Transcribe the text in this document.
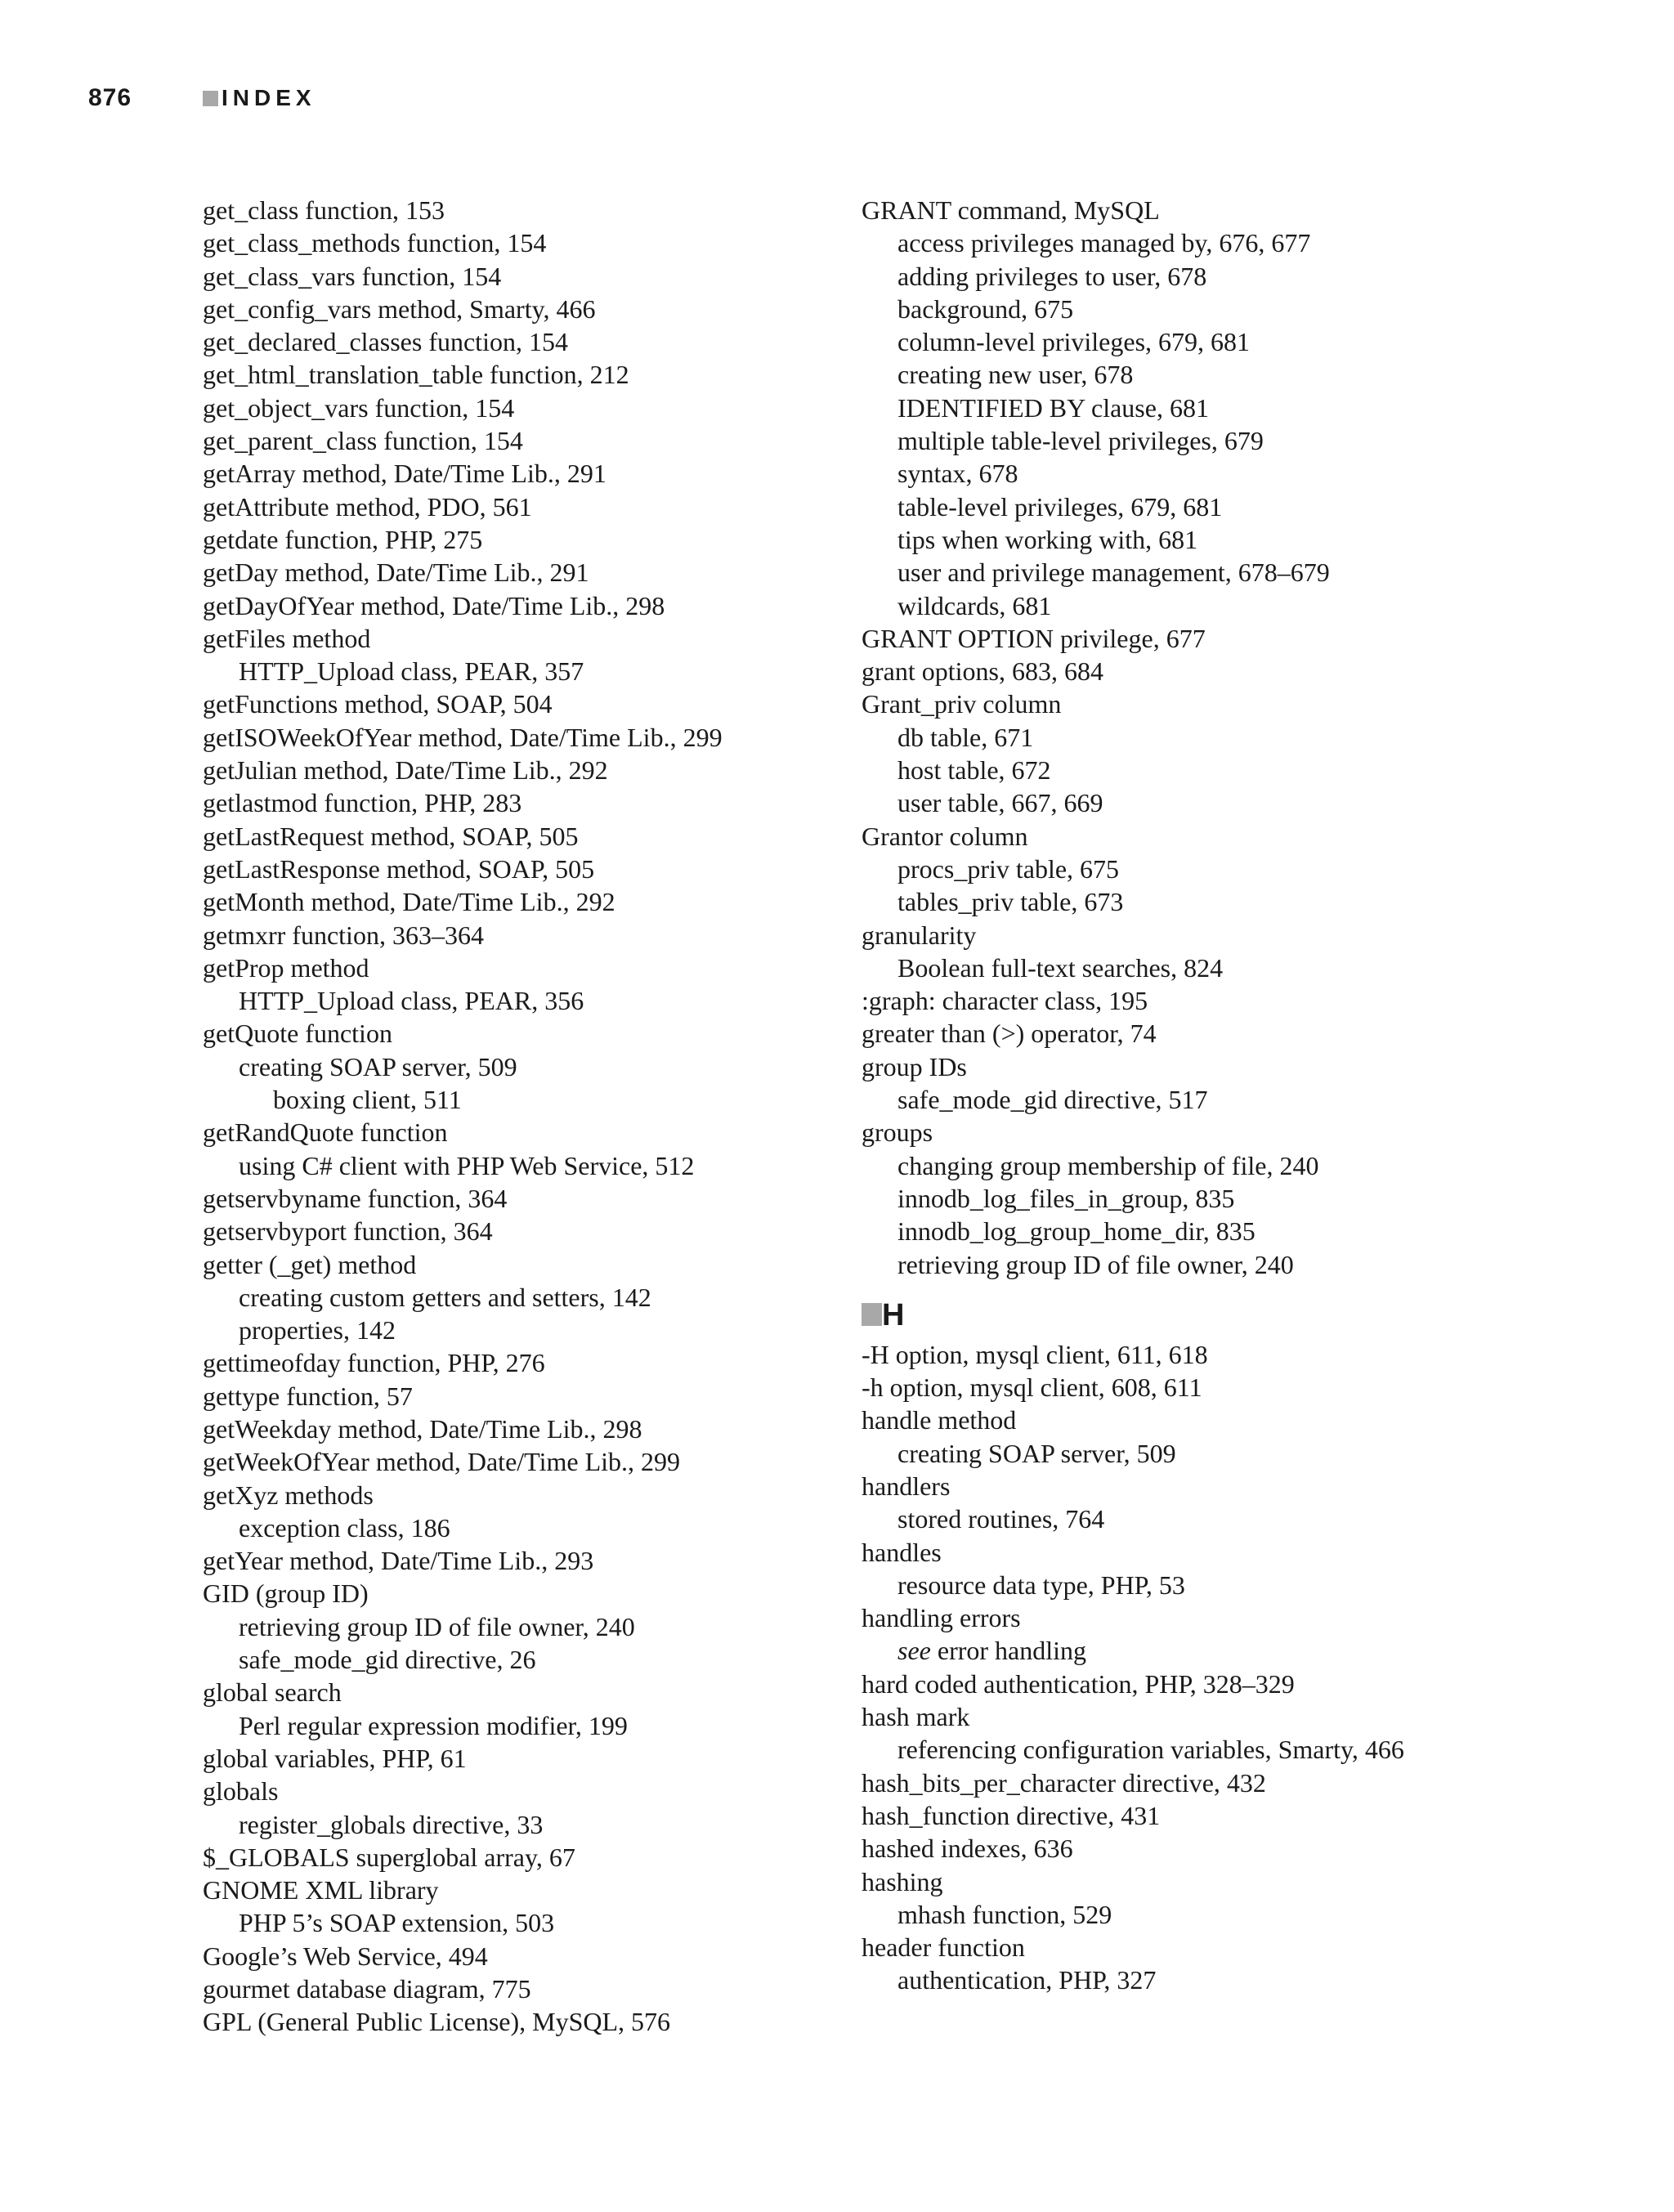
876	INDEX
get_class function, 153
get_class_methods function, 154
get_class_vars function, 154
get_config_vars method, Smarty, 466
get_declared_classes function, 154
get_html_translation_table function, 212
get_object_vars function, 154
get_parent_class function, 154
getArray method, Date/Time Lib., 291
getAttribute method, PDO, 561
getdate function, PHP, 275
getDay method, Date/Time Lib., 291
getDayOfYear method, Date/Time Lib., 298
getFiles method
HTTP_Upload class, PEAR, 357
getFunctions method, SOAP, 504
getISOWeekOfYear method, Date/Time Lib., 299
getJulian method, Date/Time Lib., 292
getlastmod function, PHP, 283
getLastRequest method, SOAP, 505
getLastResponse method, SOAP, 505
getMonth method, Date/Time Lib., 292
getmxrr function, 363–364
getProp method
HTTP_Upload class, PEAR, 356
getQuote function
creating SOAP server, 509
boxing client, 511
getRandQuote function
using C# client with PHP Web Service, 512
getservbyname function, 364
getservbyport function, 364
getter (_get) method
creating custom getters and setters, 142
properties, 142
gettimeofday function, PHP, 276
gettype function, 57
getWeekday method, Date/Time Lib., 298
getWeekOfYear method, Date/Time Lib., 299
getXyz methods
exception class, 186
getYear method, Date/Time Lib., 293
GID (group ID)
retrieving group ID of file owner, 240
safe_mode_gid directive, 26
global search
Perl regular expression modifier, 199
global variables, PHP, 61
globals
register_globals directive, 33
$_GLOBALS superglobal array, 67
GNOME XML library
PHP 5’s SOAP extension, 503
Google’s Web Service, 494
gourmet database diagram, 775
GPL (General Public License), MySQL, 576
GRANT command, MySQL
access privileges managed by, 676, 677
adding privileges to user, 678
background, 675
column-level privileges, 679, 681
creating new user, 678
IDENTIFIED BY clause, 681
multiple table-level privileges, 679
syntax, 678
table-level privileges, 679, 681
tips when working with, 681
user and privilege management, 678–679
wildcards, 681
GRANT OPTION privilege, 677
grant options, 683, 684
Grant_priv column
db table, 671
host table, 672
user table, 667, 669
Grantor column
procs_priv table, 675
tables_priv table, 673
granularity
Boolean full-text searches, 824
:graph: character class, 195
greater than (>) operator, 74
group IDs
safe_mode_gid directive, 517
groups
changing group membership of file, 240
innodb_log_files_in_group, 835
innodb_log_group_home_dir, 835
retrieving group ID of file owner, 240
H
-H option, mysql client, 611, 618
-h option, mysql client, 608, 611
handle method
creating SOAP server, 509
handlers
stored routines, 764
handles
resource data type, PHP, 53
handling errors
see error handling
hard coded authentication, PHP, 328–329
hash mark
referencing configuration variables, Smarty, 466
hash_bits_per_character directive, 432
hash_function directive, 431
hashed indexes, 636
hashing
mhash function, 529
header function
authentication, PHP, 327
